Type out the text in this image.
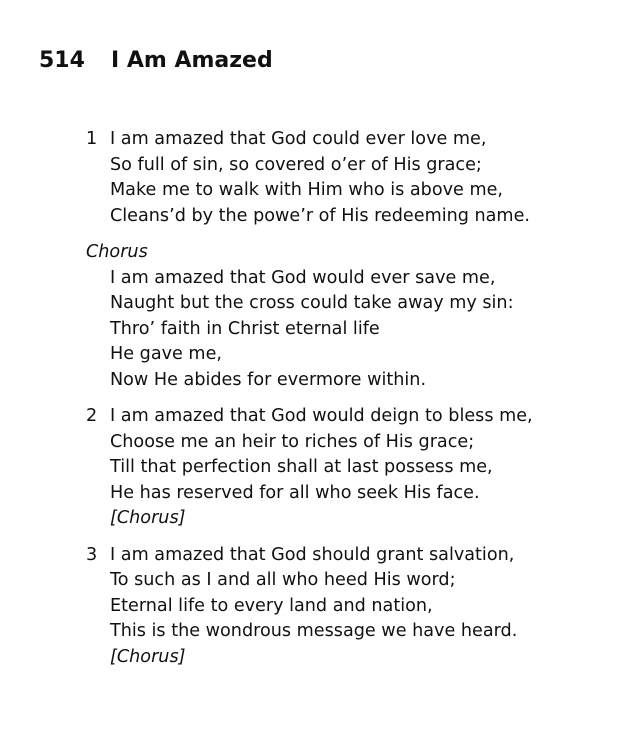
514 I Am Amazed
1 I am amazed that God could ever love me,
So full of sin, so covered o’er of His grace;
Make me to walk with Him who is above me,
Cleans’d by the powe’r of His redeeming name.
Chorus
I am amazed that God would ever save me,
Naught but the cross could take away my sin:
Thro’ faith in Christ eternal life
He gave me,
Now He abides for evermore within.
2 I am amazed that God would deign to bless me,
Choose me an heir to riches of His grace;
Till that perfection shall at last possess me,
He has reserved for all who seek His face.
[Chorus]
3 I am amazed that God should grant salvation,
To such as I and all who heed His word;
Eternal life to every land and nation,
This is the wondrous message we have heard.
[Chorus]
